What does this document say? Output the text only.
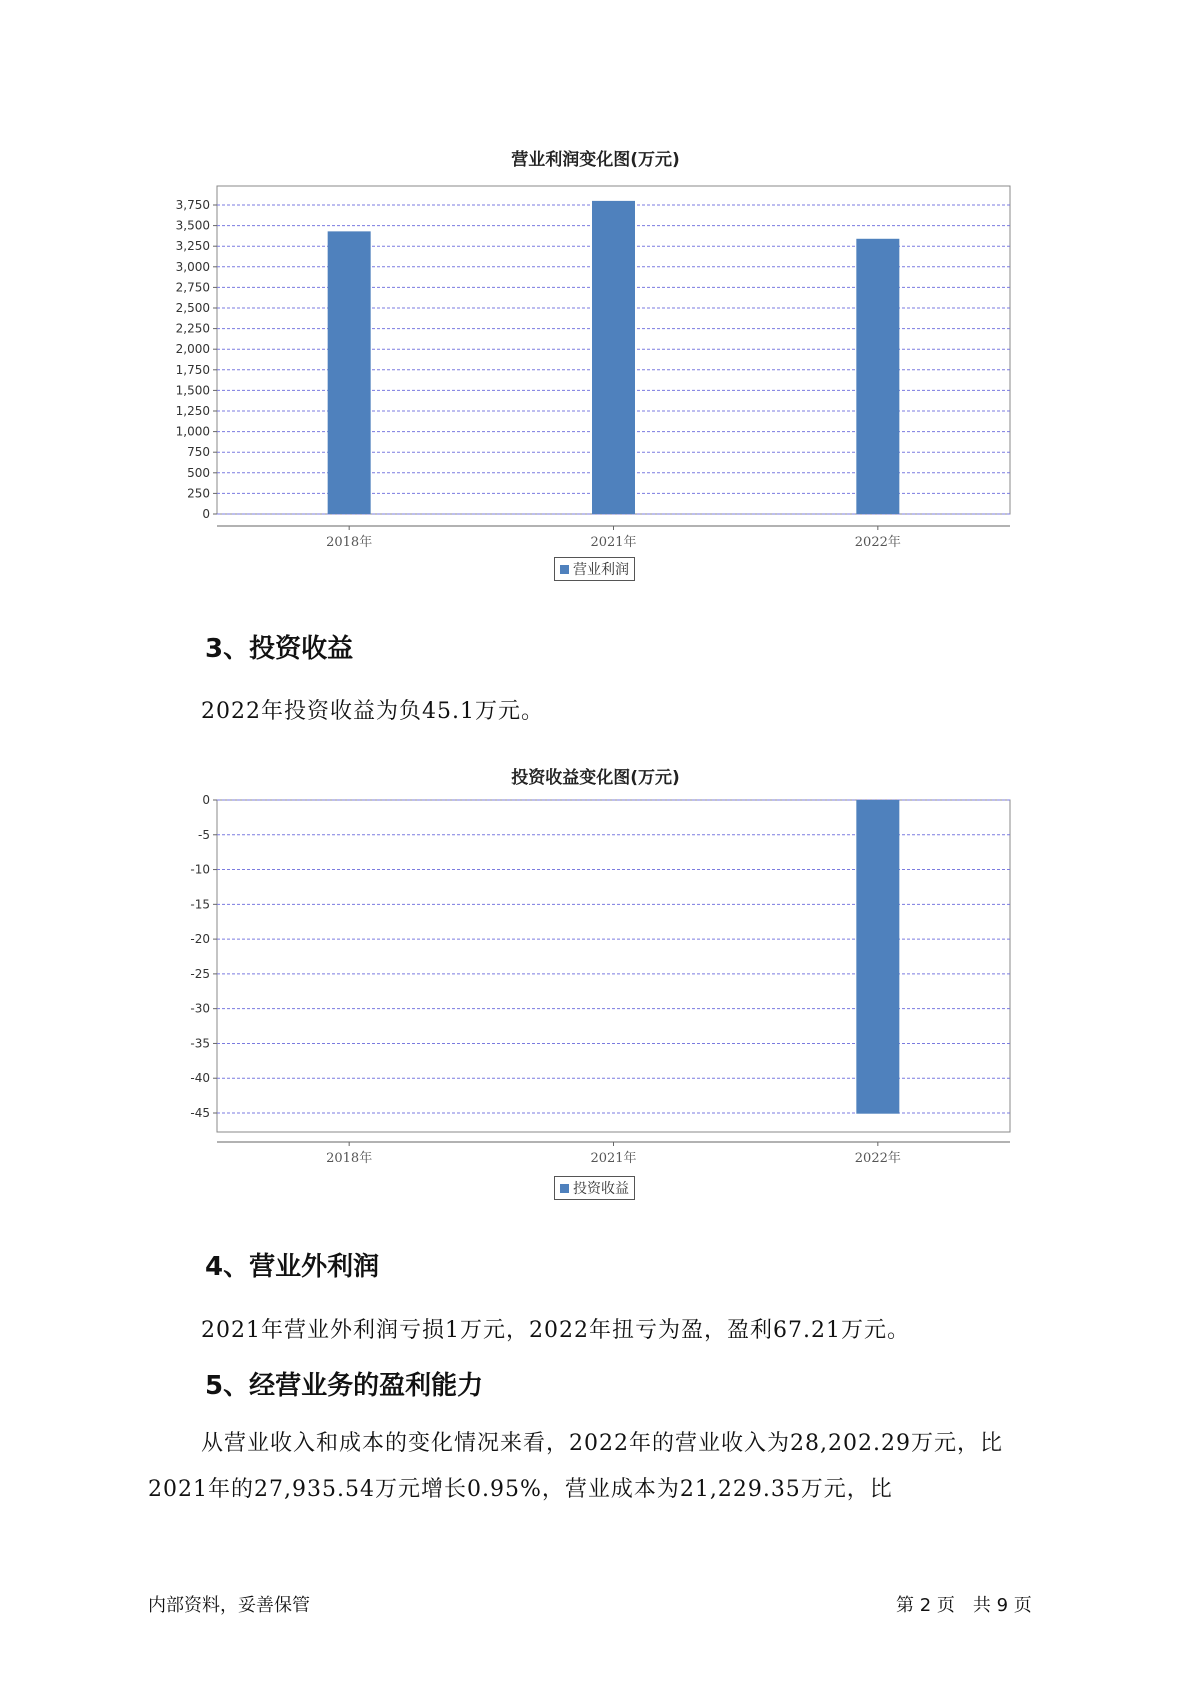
营业利润变化图(万元)
0
250
500
750
1,000
1,250
1,500
1,750
2,000
2,250
2,500
2,750
3,000
3,250
3,500
3,750
2018年	2021年	2022年
营业利润
3、投资收益

2022年投资收益为负45.1万元。

投资收益变化图(万元)
0
-5
-10
-15
-20
-25
-30
-35
-40
-45
2018年	2021年	2022年
投资收益
4、营业外利润

2021年营业外利润亏损1万元，2022年扭亏为盈，盈利67.21万元。

5、经营业务的盈利能力

从营业收入和成本的变化情况来看，2022年的营业收入为28,202.29万元，比2021年的27,935.54万元增长0.95%，营业成本为21,229.35万元，比

内部资料，妥善保管	第 2 页　共 9 页
